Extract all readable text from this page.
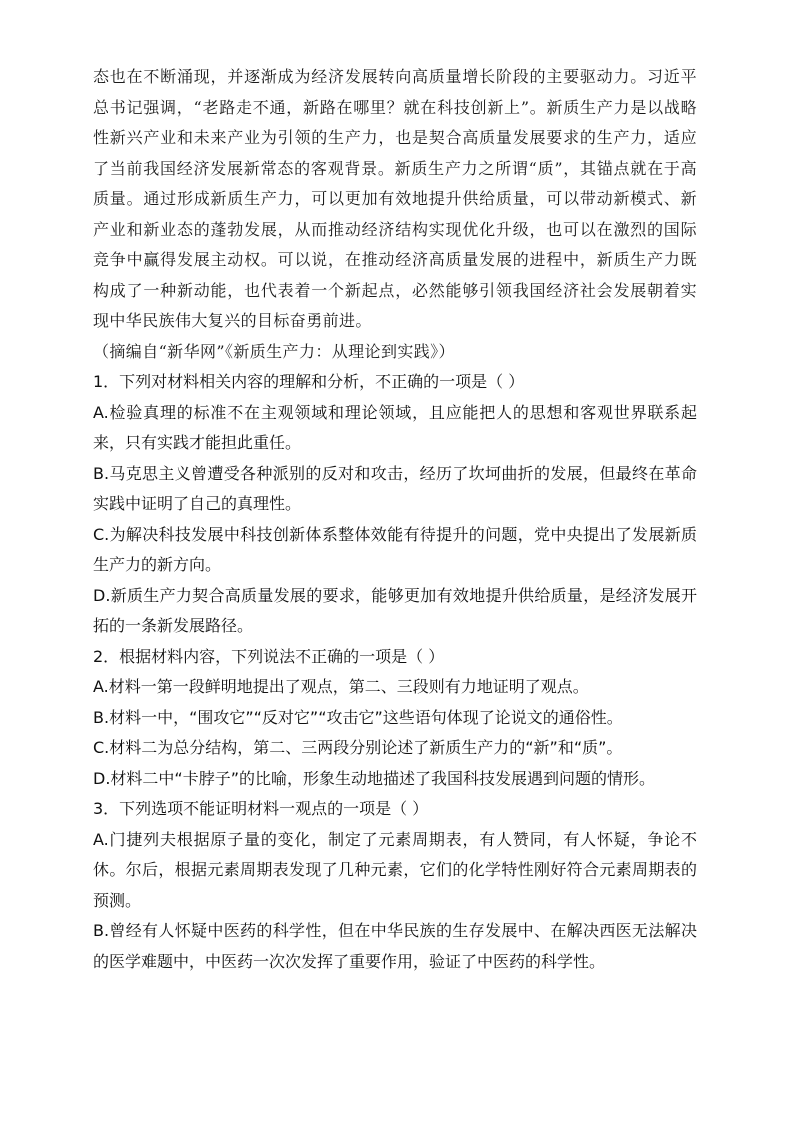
态也在不断涌现，并逐渐成为经济发展转向高质量增长阶段的主要驱动力。习近平总书记强调，“老路走不通，新路在哪里？就在科技创新上”。新质生产力是以战略性新兴产业和未来产业为引领的生产力，也是契合高质量发展要求的生产力，适应了当前我国经济发展新常态的客观背景。新质生产力之所谓“质”，其锚点就在于高质量。通过形成新质生产力，可以更加有效地提升供给质量，可以带动新模式、新产业和新业态的蓬勃发展，从而推动经济结构实现优化升级，也可以在激烈的国际竞争中赢得发展主动权。可以说，在推动经济高质量发展的进程中，新质生产力既构成了一种新动能，也代表着一个新起点，必然能够引领我国经济社会发展朝着实现中华民族伟大复兴的目标奋勇前进。

（摘编自“新华网”《新质生产力：从理论到实践》）

1．下列对材料相关内容的理解和分析，不正确的一项是（ ）

A.检验真理的标准不在主观领域和理论领域，且应能把人的思想和客观世界联系起来，只有实践才能担此重任。

B.马克思主义曾遭受各种派别的反对和攻击，经历了坎坷曲折的发展，但最终在革命实践中证明了自己的真理性。

C.为解决科技发展中科技创新体系整体效能有待提升的问题，党中央提出了发展新质生产力的新方向。

D.新质生产力契合高质量发展的要求，能够更加有效地提升供给质量，是经济发展开拓的一条新发展路径。

2．根据材料内容，下列说法不正确的一项是（ ）

A.材料一第一段鲜明地提出了观点，第二、三段则有力地证明了观点。

B.材料一中，“围攻它”“反对它”“攻击它”这些语句体现了论说文的通俗性。

C.材料二为总分结构，第二、三两段分别论述了新质生产力的“新”和“质”。

D.材料二中“卡脖子”的比喻，形象生动地描述了我国科技发展遇到问题的情形。

3．下列选项不能证明材料一观点的一项是（ ）

A.门捷列夫根据原子量的变化，制定了元素周期表，有人赞同，有人怀疑，争论不休。尔后，根据元素周期表发现了几种元素，它们的化学特性刚好符合元素周期表的预测。

B.曾经有人怀疑中医药的科学性，但在中华民族的生存发展中、在解决西医无法解决的医学难题中，中医药一次次发挥了重要作用，验证了中医药的科学性。
